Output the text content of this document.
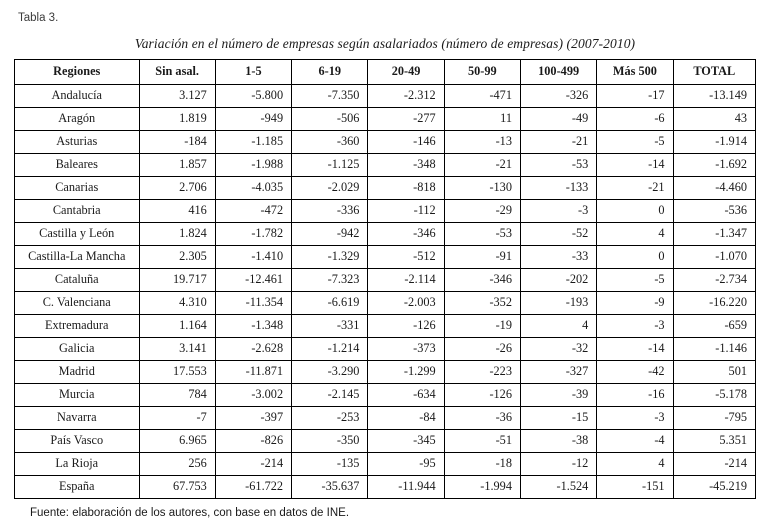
Tabla 3.
Variación en el número de empresas según asalariados (número de empresas) (2007-2010)
Regiones	Sin asal.	1-5	6-19	20-49	50-99	100-499	Más 500	TOTAL
Andalucía	3.127	-5.800	-7.350	-2.312	-471	-326	-17	-13.149
Aragón	1.819	-949	-506	-277	11	-49	-6	43
Asturias	-184	-1.185	-360	-146	-13	-21	-5	-1.914
Baleares	1.857	-1.988	-1.125	-348	-21	-53	-14	-1.692
Canarias	2.706	-4.035	-2.029	-818	-130	-133	-21	-4.460
Cantabria	416	-472	-336	-112	-29	-3	0	-536
Castilla y León	1.824	-1.782	-942	-346	-53	-52	4	-1.347
Castilla-La Mancha	2.305	-1.410	-1.329	-512	-91	-33	0	-1.070
Cataluña	19.717	-12.461	-7.323	-2.114	-346	-202	-5	-2.734
C. Valenciana	4.310	-11.354	-6.619	-2.003	-352	-193	-9	-16.220
Extremadura	1.164	-1.348	-331	-126	-19	4	-3	-659
Galicia	3.141	-2.628	-1.214	-373	-26	-32	-14	-1.146
Madrid	17.553	-11.871	-3.290	-1.299	-223	-327	-42	501
Murcia	784	-3.002	-2.145	-634	-126	-39	-16	-5.178
Navarra	-7	-397	-253	-84	-36	-15	-3	-795
País Vasco	6.965	-826	-350	-345	-51	-38	-4	5.351
La Rioja	256	-214	-135	-95	-18	-12	4	-214
España	67.753	-61.722	-35.637	-11.944	-1.994	-1.524	-151	-45.219
Fuente: elaboración de los autores, con base en datos de INE.
